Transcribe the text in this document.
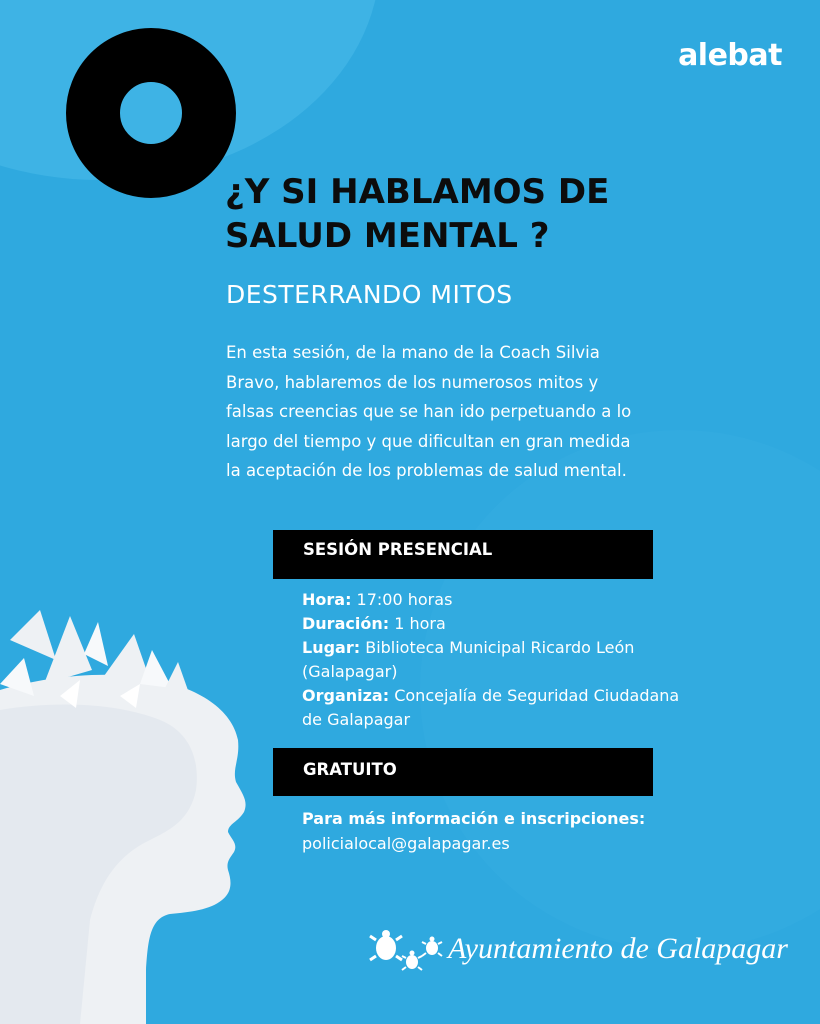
alebat
¿Y SI HABLAMOS DE
SALUD MENTAL ?
DESTERRANDO MITOS
En esta sesión, de la mano de la Coach Silvia
Bravo, hablaremos de los numerosos mitos y
falsas creencias que se han ido perpetuando a lo
largo del tiempo y que dificultan en gran medida
la aceptación de los problemas de salud mental.
SESIÓN PRESENCIAL
Hora: 17:00 horas
Duración: 1 hora
Lugar: Biblioteca Municipal Ricardo León
(Galapagar)
Organiza: Concejalía de Seguridad Ciudadana
de Galapagar
GRATUITO
Para más información e inscripciones:
policialocal@galapagar.es
Ayuntamiento de Galapagar
